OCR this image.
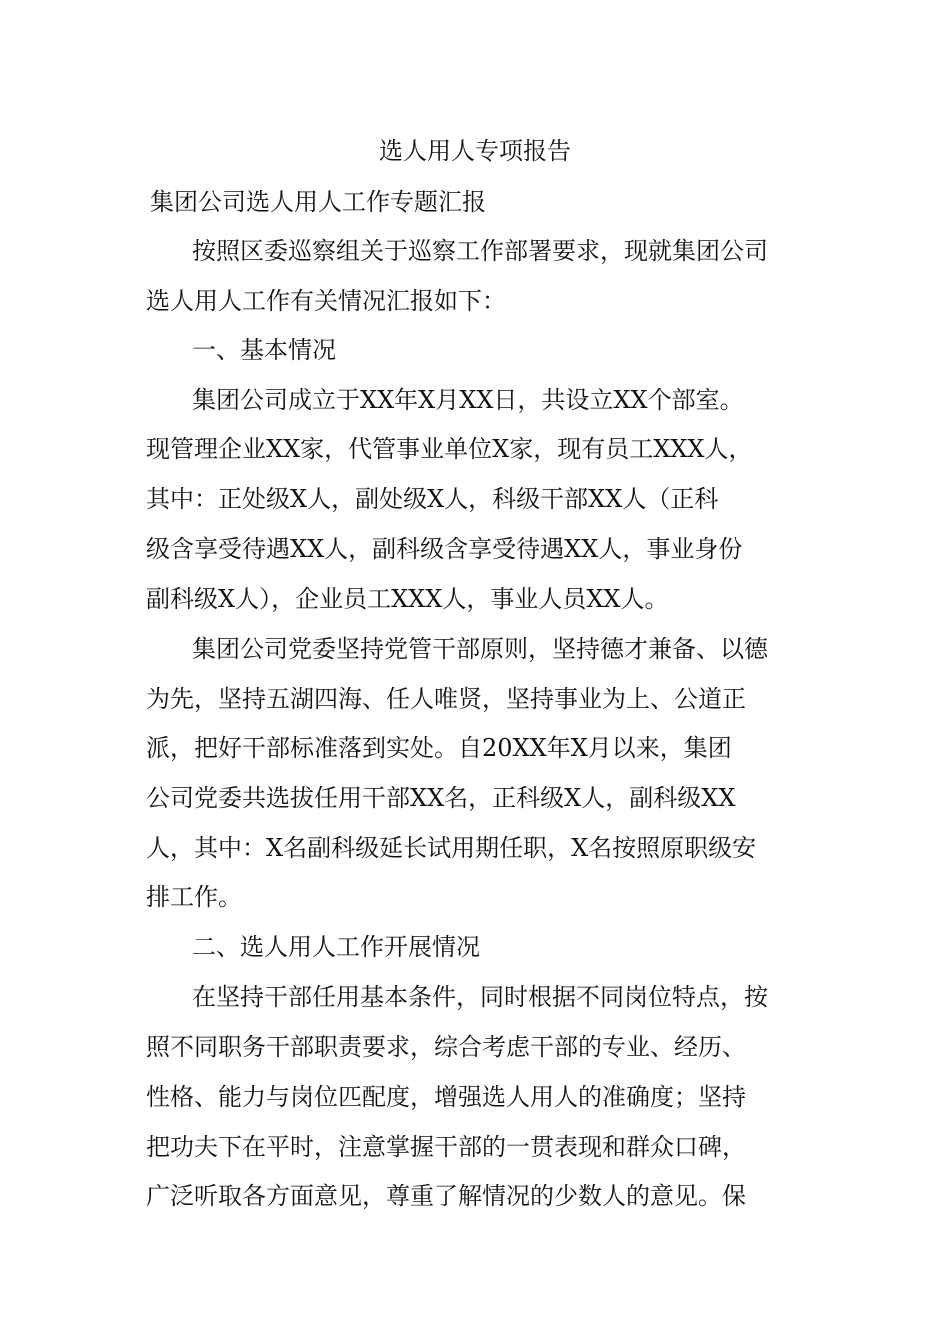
选人用人专项报告
集团公司选人用人工作专题汇报
按照区委巡察组关于巡察工作部署要求，现就集团公司
选人用人工作有关情况汇报如下：
一、基本情况
集团公司成立于XX年X月XX日，共设立XX个部室。
现管理企业XX家，代管事业单位X家，现有员工XXX人，
其中：正处级X人，副处级X人，科级干部XX人（正科
级含享受待遇XX人，副科级含享受待遇XX人，事业身份
副科级X人），企业员工XXX人，事业人员XX人。
集团公司党委坚持党管干部原则，坚持德才兼备、以德
为先，坚持五湖四海、任人唯贤，坚持事业为上、公道正
派，把好干部标准落到实处。自20XX年X月以来，集团
公司党委共选拔任用干部XX名，正科级X人，副科级XX
人，其中：X名副科级延长试用期任职，X名按照原职级安
排工作。
二、选人用人工作开展情况
在坚持干部任用基本条件，同时根据不同岗位特点，按
照不同职务干部职责要求，综合考虑干部的专业、经历、
性格、能力与岗位匹配度，增强选人用人的准确度；坚持
把功夫下在平时，注意掌握干部的一贯表现和群众口碑，
广泛听取各方面意见，尊重了解情况的少数人的意见。保
